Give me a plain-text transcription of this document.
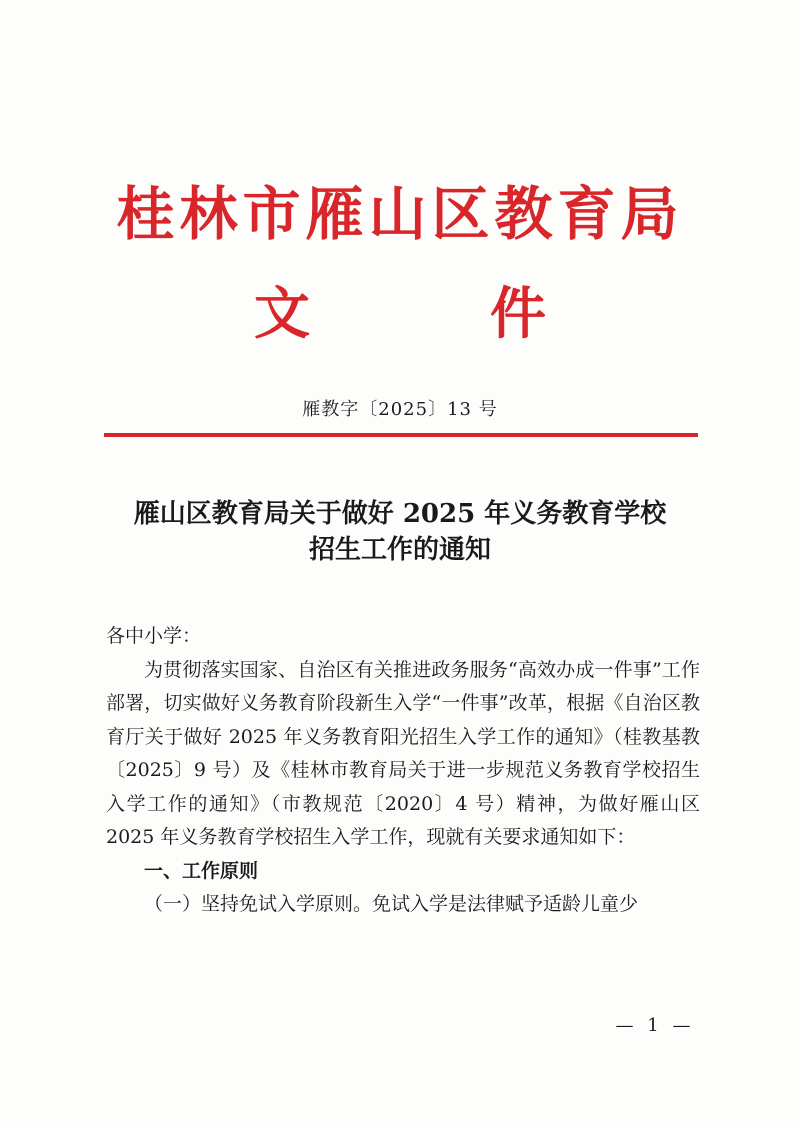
桂林市雁山区教育局
文	件
雁教字〔2025〕13 号
雁山区教育局关于做好 2025 年义务教育学校
招生工作的通知

各中小学：

为贯彻落实国家、自治区有关推进政务服务“高效办成一件事”工作部署，切实做好义务教育阶段新生入学“一件事”改革，根据《自治区教育厅关于做好 2025 年义务教育阳光招生入学工作的通知》（桂教基教〔2025〕9 号）及《桂林市教育局关于进一步规范义务教育学校招生入学工作的通知》（市教规范〔2020〕4 号）精神，为做好雁山区 2025 年义务教育学校招生入学工作，现就有关要求通知如下：

一、工作原则

（一）坚持免试入学原则。免试入学是法律赋予适龄儿童少

— 1 —
